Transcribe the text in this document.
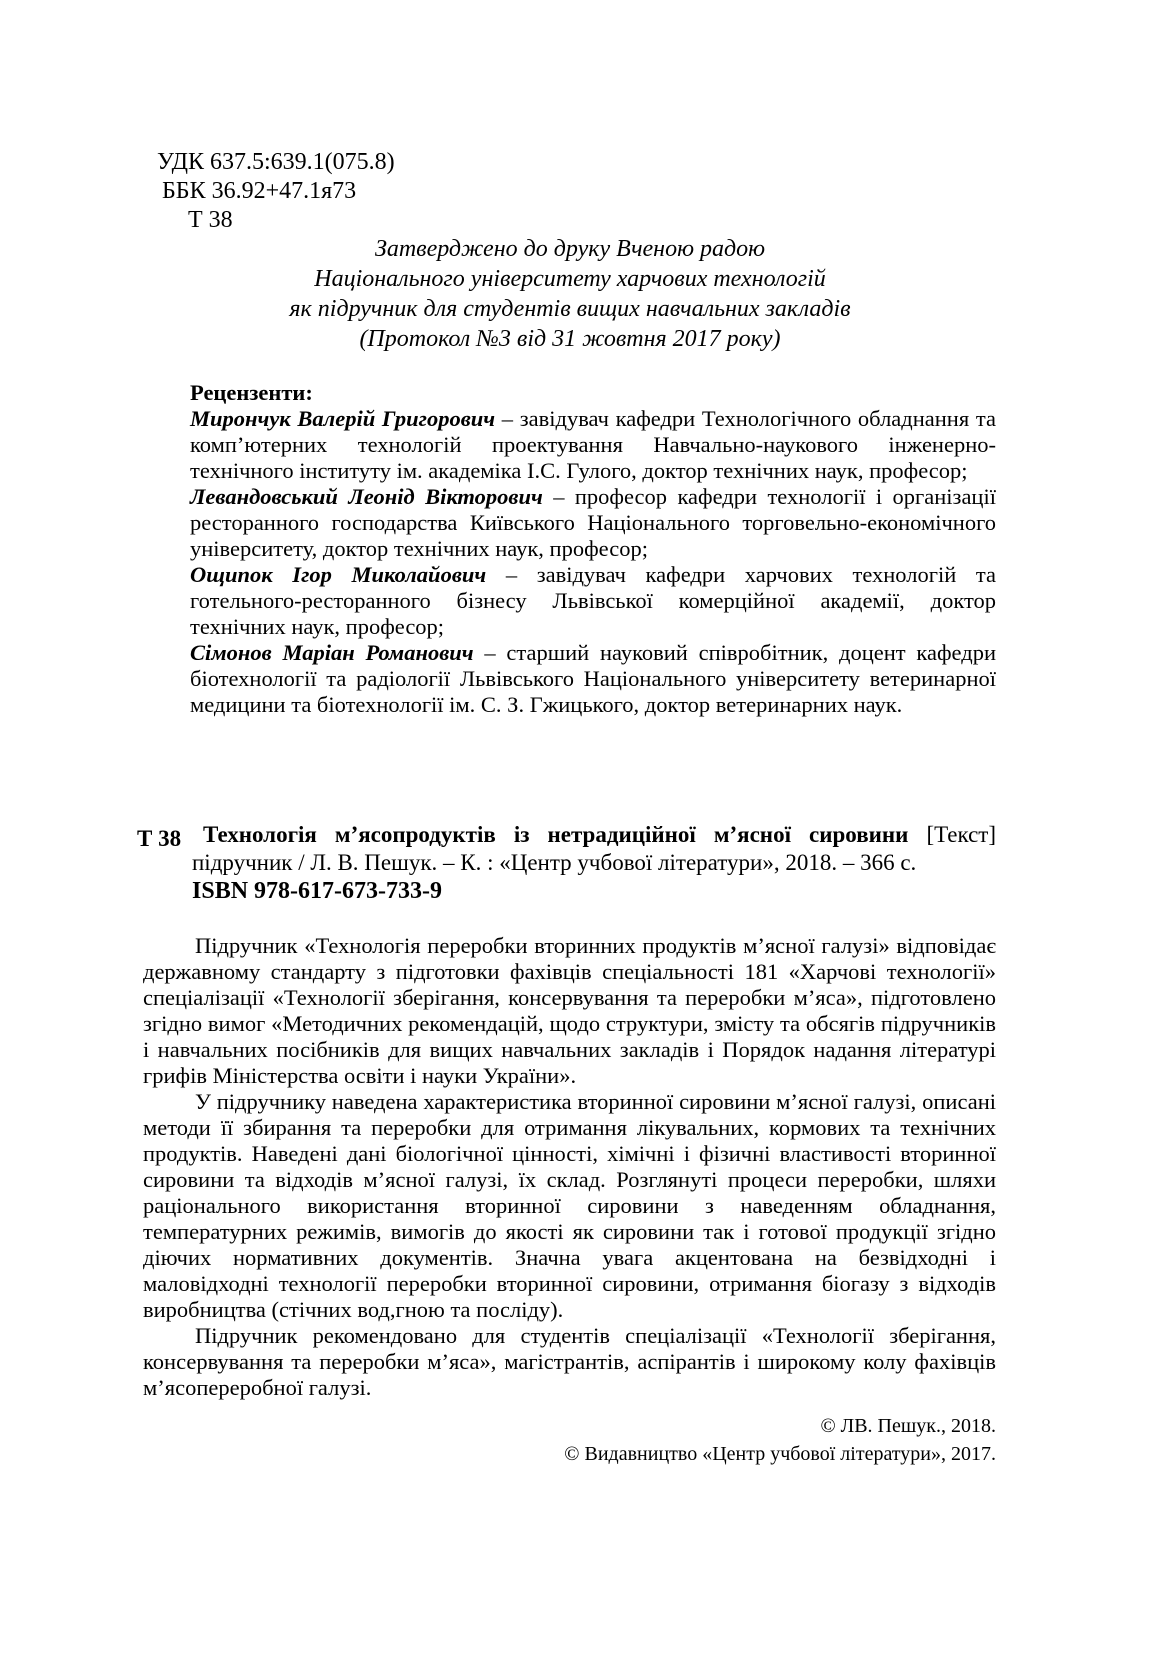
УДК 637.5:639.1(075.8)
ББК 36.92+47.1я73
Т 38
Затверджено до друку Вченою радою
Національного університету харчових технологій
як підручник для студентів вищих навчальних закладів
(Протокол №3 від 31 жовтня 2017 року)
Рецензенти:

Мирончук Валерій Григорович – завідувач кафедри Технологічного обладнання та комп’ютерних технологій проектування Навчально-наукового інженерно-технічного інституту ім. академіка І.С. Гулого, доктор технічних наук, професор;

Левандовський Леонід Вікторович – професор кафедри технології і організації ресторанного господарства Київського Національного торговельно-економічного університету, доктор технічних наук, професор;

Ощипок Ігор Миколайович – завідувач кафедри харчових технологій та готельного-ресторанного бізнесу Львівської комерційної академії, доктор технічних наук, професор;

Сімонов Маріан Романович – старший науковий співробітник, доцент кафедри біотехнології та радіології Львівського Національного університету ветеринарної медицини та біотехнології ім. С. З. Гжицького, доктор ветеринарних наук.

Т 38 Технологія м’ясопродуктів із нетрадиційної м’ясної сировини [Текст] підручник / Л. В. Пешук. – К. : «Центр учбової літератури», 2018. – 366 с.

ISBN 978-617-673-733-9

Підручник «Технологія переробки вторинних продуктів м’ясної галузі» відповідає державному стандарту з підготовки фахівців спеціальності 181 «Харчові технології» спеціалізації «Технології зберігання, консервування та переробки м’яса», підготовлено згідно вимог «Методичних рекомендацій, щодо структури, змісту та обсягів підручників і навчальних посібників для вищих навчальних закладів і Порядок надання літературі грифів Міністерства освіти і науки України».

У підручнику наведена характеристика вторинної сировини м’ясної галузі, описані методи її збирання та переробки для отримання лікувальних, кормових та технічних продуктів. Наведені дані біологічної цінності, хімічні і фізичні властивості вторинної сировини та відходів м’ясної галузі, їх склад. Розглянуті процеси переробки, шляхи раціонального використання вторинної сировини з наведенням обладнання, температурних режимів, вимогів до якості як сировини так і готової продукції згідно діючих нормативних документів. Значна увага акцентована на безвідходні і маловідходні технології переробки вторинної сировини, отримання біогазу з відходів виробництва (стічних вод,гною та посліду).

Підручник рекомендовано для студентів спеціалізації «Технології зберігання, консервування та переробки м’яса», магістрантів, аспірантів і широкому колу фахівців м’ясопереробної галузі.

© ЛВ. Пешук., 2018.
© Видавництво «Центр учбової літератури», 2017.
